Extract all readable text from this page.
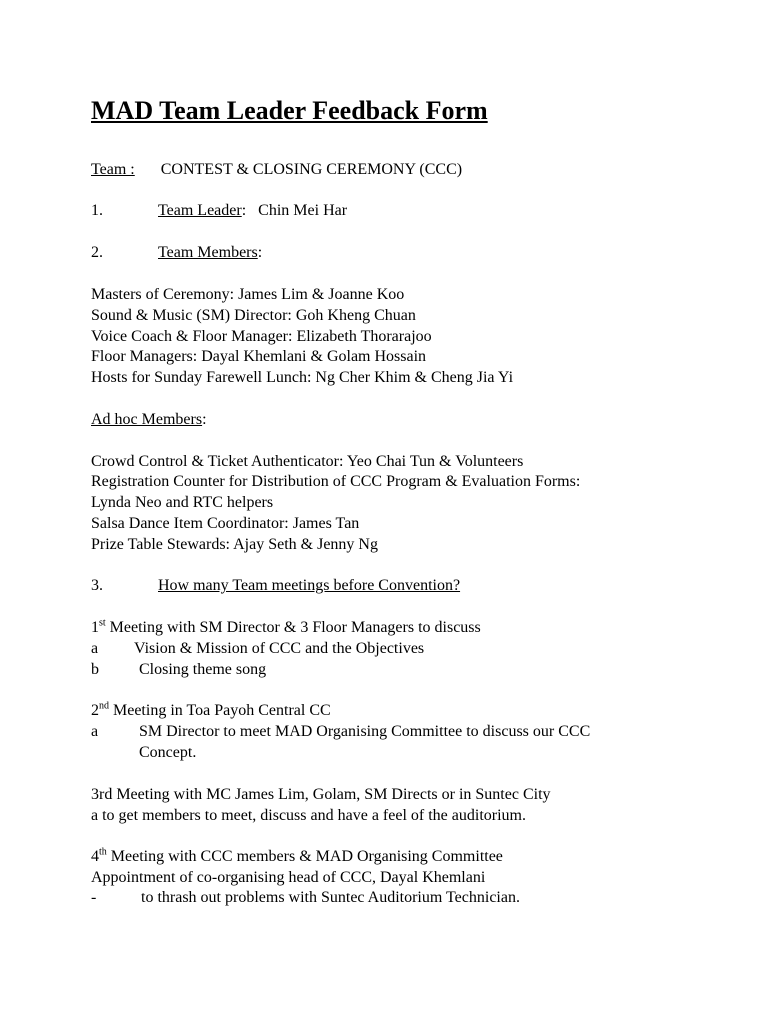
MAD Team Leader Feedback Form
Team : CONTEST & CLOSING CEREMONY (CCC)
1.	Team Leader: Chin Mei Har
2.	Team Members:
Masters of Ceremony: James Lim & Joanne Koo
Sound & Music (SM) Director: Goh Kheng Chuan
Voice Coach & Floor Manager: Elizabeth Thorarajoo
Floor Managers: Dayal Khemlani & Golam Hossain
Hosts for Sunday Farewell Lunch: Ng Cher Khim & Cheng Jia Yi
Ad hoc Members:
Crowd Control & Ticket Authenticator: Yeo Chai Tun & Volunteers
Registration Counter for Distribution of CCC Program & Evaluation Forms:
Lynda Neo and RTC helpers
Salsa Dance Item Coordinator: James Tan
Prize Table Stewards: Ajay Seth & Jenny Ng
3.	How many Team meetings before Convention?
1st Meeting with SM Director & 3 Floor Managers to discuss
a Vision & Mission of CCC and the Objectives
b	Closing theme song
2nd Meeting in Toa Payoh Central CC
a	SM Director to meet MAD Organising Committee to discuss our CCC
Concept.
3rd Meeting with MC James Lim, Golam, SM Directs or in Suntec City
a to get members to meet, discuss and have a feel of the auditorium.
4th Meeting with CCC members & MAD Organising Committee
Appointment of co-organising head of CCC, Dayal Khemlani
-	to thrash out problems with Suntec Auditorium Technician.
